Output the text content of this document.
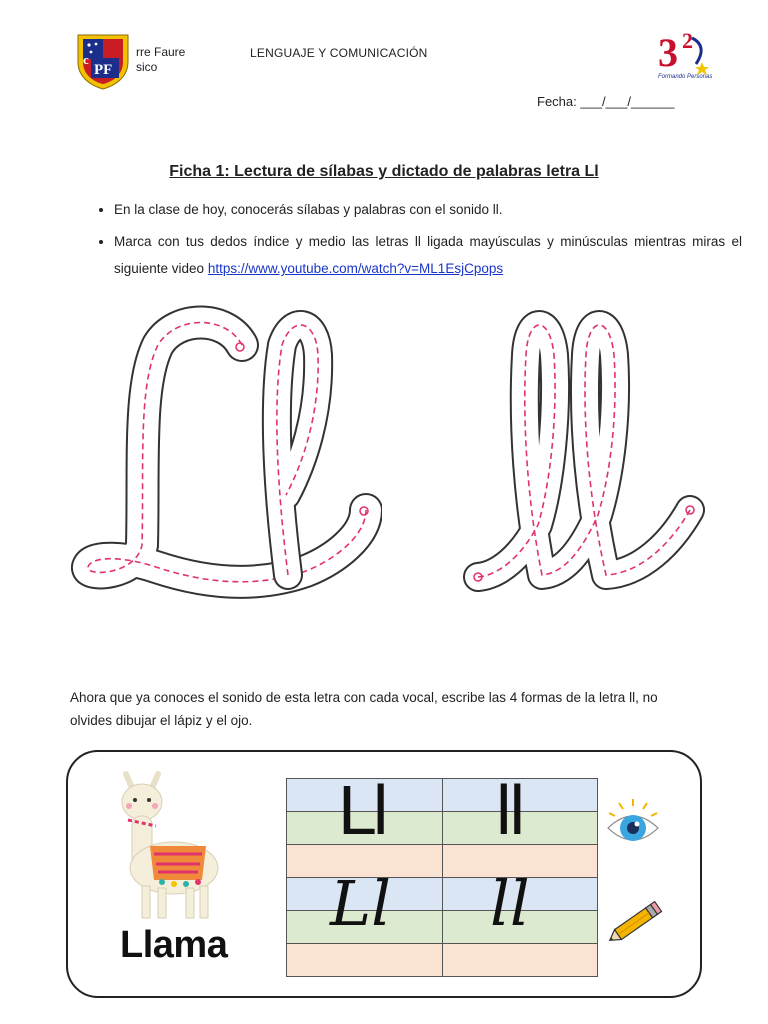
PF
c	rre Faure
sico
LENGUAJE Y COMUNICACIÓN	3 2
Formando Personas
Fecha: ___/___/______
Ficha 1: Lectura de sílabas y dictado de palabras letra Ll
• En la clase de hoy, conocerás sílabas y palabras con el sonido ll.
• Marca con tus dedos índice y medio las letras ll ligada mayúsculas y minúsculas mientras miras el siguiente video https://www.youtube.com/watch?v=ML1EsjCpops
Ahora que ya conoces el sonido de esta letra con cada vocal, escribe las 4 formas de la letra ll, no olvides dibujar el lápiz y el ojo.
Llama

Ll ll
Ll ll
